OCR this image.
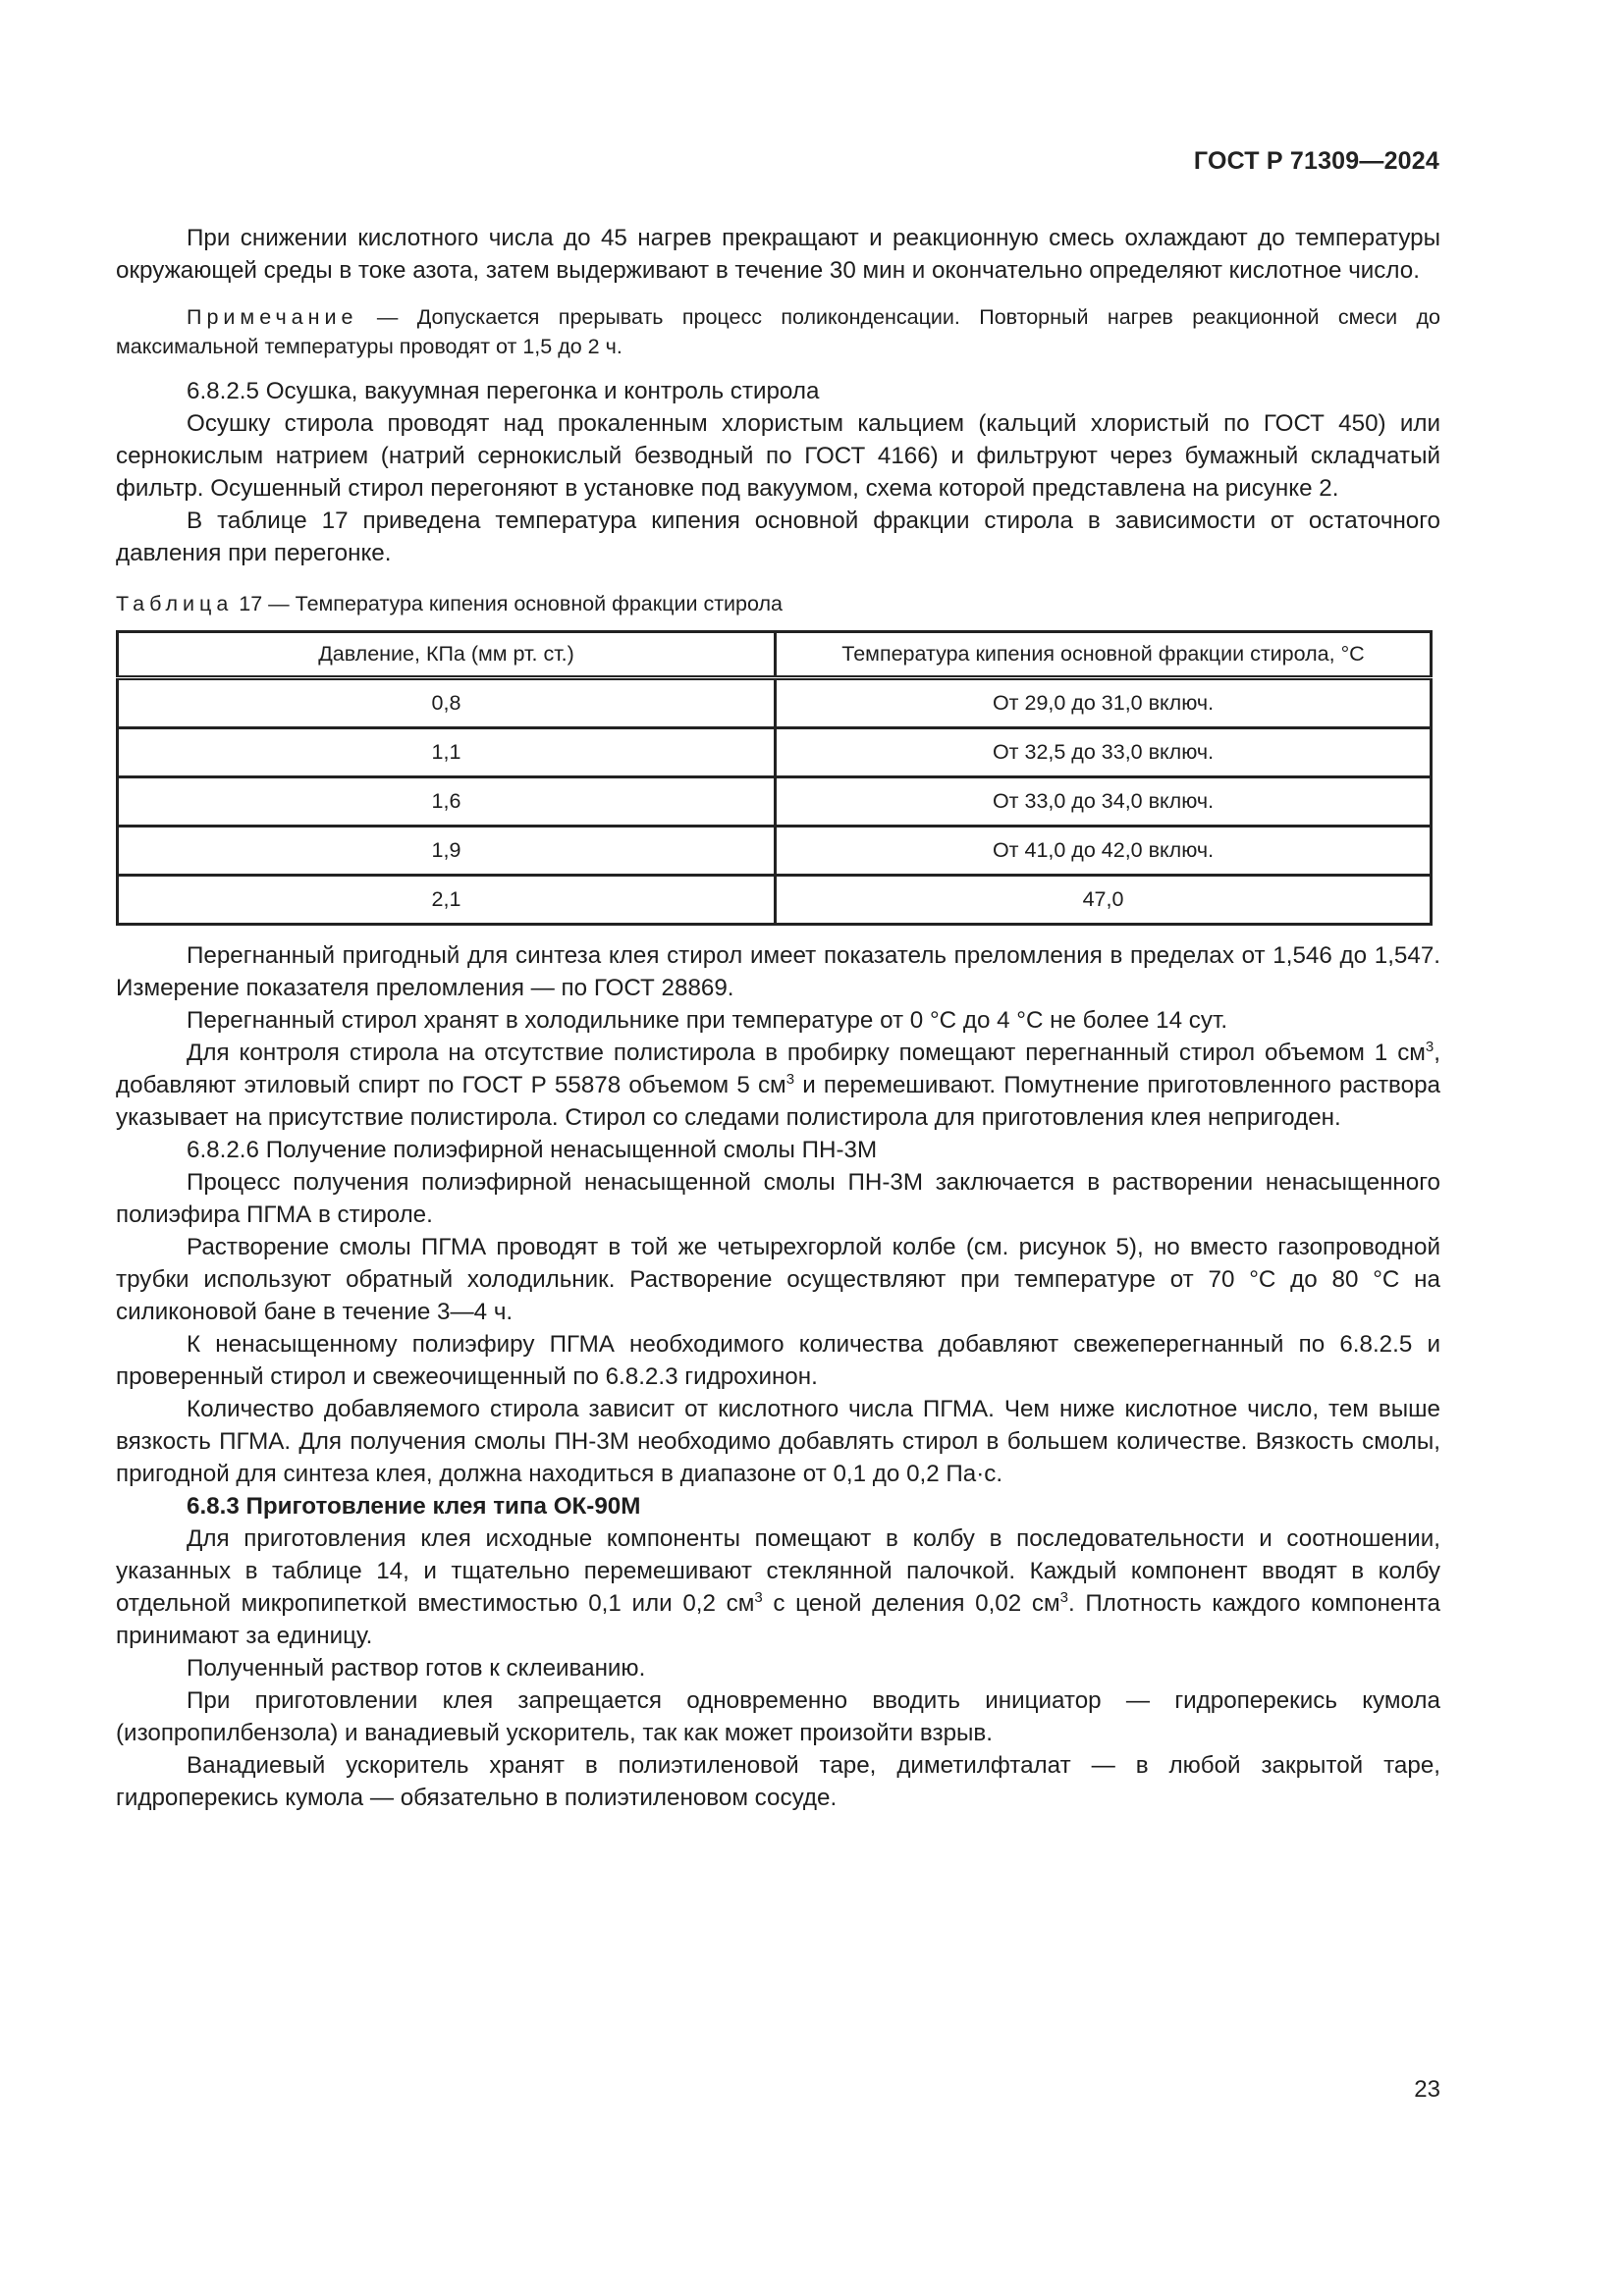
ГОСТ Р 71309—2024

При снижении кислотного числа до 45 нагрев прекращают и реакционную смесь охлаждают до температуры окружающей среды в токе азота, затем выдерживают в течение 30 мин и окончательно определяют кислотное число.

Примечание — Допускается прерывать процесс поликонденсации. Повторный нагрев реакционной смеси до максимальной температуры проводят от 1,5 до 2 ч.

6.8.2.5 Осушка, вакуумная перегонка и контроль стирола

Осушку стирола проводят над прокаленным хлористым кальцием (кальций хлористый по ГОСТ 450) или сернокислым натрием (натрий сернокислый безводный по ГОСТ 4166) и фильтруют через бумажный складчатый фильтр. Осушенный стирол перегоняют в установке под вакуумом, схема которой представлена на рисунке 2.

В таблице 17 приведена температура кипения основной фракции стирола в зависимости от остаточного давления при перегонке.

Таблица 17 — Температура кипения основной фракции стирола
Давление, КПа (мм рт. ст.)	Температура кипения основной фракции стирола, °С
0,8	От 29,0 до 31,0 включ.
1,1	От 32,5 до 33,0 включ.
1,6	От 33,0 до 34,0 включ.
1,9	От 41,0 до 42,0 включ.
2,1	47,0

Перегнанный пригодный для синтеза клея стирол имеет показатель преломления в пределах от 1,546 до 1,547. Измерение показателя преломления — по ГОСТ 28869.

Перегнанный стирол хранят в холодильнике при температуре от 0 °С до 4 °С не более 14 сут.

Для контроля стирола на отсутствие полистирола в пробирку помещают перегнанный стирол объемом 1 $см^3$, добавляют этиловый спирт по ГОСТ Р 55878 объемом 5 $см^3$ и перемешивают. Помутнение приготовленного раствора указывает на присутствие полистирола. Стирол со следами полистирола для приготовления клея непригоден.

6.8.2.6 Получение полиэфирной ненасыщенной смолы ПН-3М

Процесс получения полиэфирной ненасыщенной смолы ПН-3М заключается в растворении ненасыщенного полиэфира ПГМА в стироле.

Растворение смолы ПГМА проводят в той же четырехгорлой колбе (см. рисунок 5), но вместо газопроводной трубки используют обратный холодильник. Растворение осуществляют при температуре от 70 °С до 80 °С на силиконовой бане в течение 3—4 ч.

К ненасыщенному полиэфиру ПГМА необходимого количества добавляют свежеперегнанный по 6.8.2.5 и проверенный стирол и свежеочищенный по 6.8.2.3 гидрохинон.

Количество добавляемого стирола зависит от кислотного числа ПГМА. Чем ниже кислотное число, тем выше вязкость ПГМА. Для получения смолы ПН-3М необходимо добавлять стирол в большем количестве. Вязкость смолы, пригодной для синтеза клея, должна находиться в диапазоне от 0,1 до 0,2 Па·с.

6.8.3 Приготовление клея типа ОК-90М

Для приготовления клея исходные компоненты помещают в колбу в последовательности и соотношении, указанных в таблице 14, и тщательно перемешивают стеклянной палочкой. Каждый компонент вводят в колбу отдельной микропипеткой вместимостью 0,1 или 0,2 $см^3$ с ценой деления 0,02 $см^3$. Плотность каждого компонента принимают за единицу.

Полученный раствор готов к склеиванию.

При приготовлении клея запрещается одновременно вводить инициатор — гидроперекись кумола (изопропилбензола) и ванадиевый ускоритель, так как может произойти взрыв.

Ванадиевый ускоритель хранят в полиэтиленовой таре, диметилфталат — в любой закрытой таре, гидроперекись кумола — обязательно в полиэтиленовом сосуде.

23
